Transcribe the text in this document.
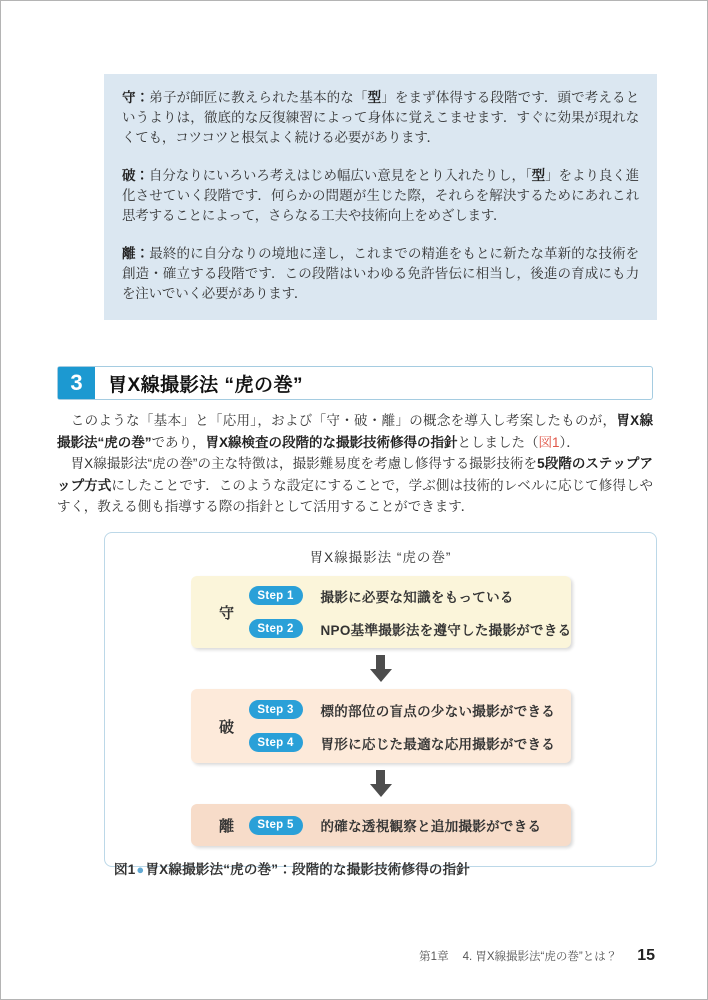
守：弟子が師匠に教えられた基本的な「型」をまず体得する段階です．頭で考えるというよりは，徹底的な反復練習によって身体に覚えこませます．すぐに効果が現れなくても，コツコツと根気よく続ける必要があります．

破：自分なりにいろいろ考えはじめ幅広い意見をとり入れたりし，「型」をより良く進化させていく段階です．何らかの問題が生じた際，それらを解決するためにあれこれ思考することによって，さらなる工夫や技術向上をめざします．

離：最終的に自分なりの境地に達し，これまでの精進をもとに新たな革新的な技術を創造・確立する段階です．この段階はいわゆる免許皆伝に相当し，後進の育成にも力を注いでいく必要があります．

3	胃X線撮影法 “虎の巻”

　このような「基本」と「応用」，および「守・破・離」の概念を導入し考案したものが，胃X線撮影法“虎の巻”であり，胃X線検査の段階的な撮影技術修得の指針としました（図1）．

　胃X線撮影法“虎の巻”の主な特徴は，撮影難易度を考慮し修得する撮影技術を5段階のステップアップ方式にしたことです．このような設定にすることで，学ぶ側は技術的レベルに応じて修得しやすく，教える側も指導する際の指針として活用することができます．

胃X線撮影法 “虎の巻”
守
Step 1	撮影に必要な知識をもっている
Step 2	NPO基準撮影法を遵守した撮影ができる
破
Step 3	標的部位の盲点の少ない撮影ができる
Step 4	胃形に応じた最適な応用撮影ができる
離	Step 5	的確な透視観察と追加撮影ができる
図1●胃X線撮影法“虎の巻”：段階的な撮影技術修得の指針
第1章 4. 胃X線撮影法“虎の巻”とは？ 15
